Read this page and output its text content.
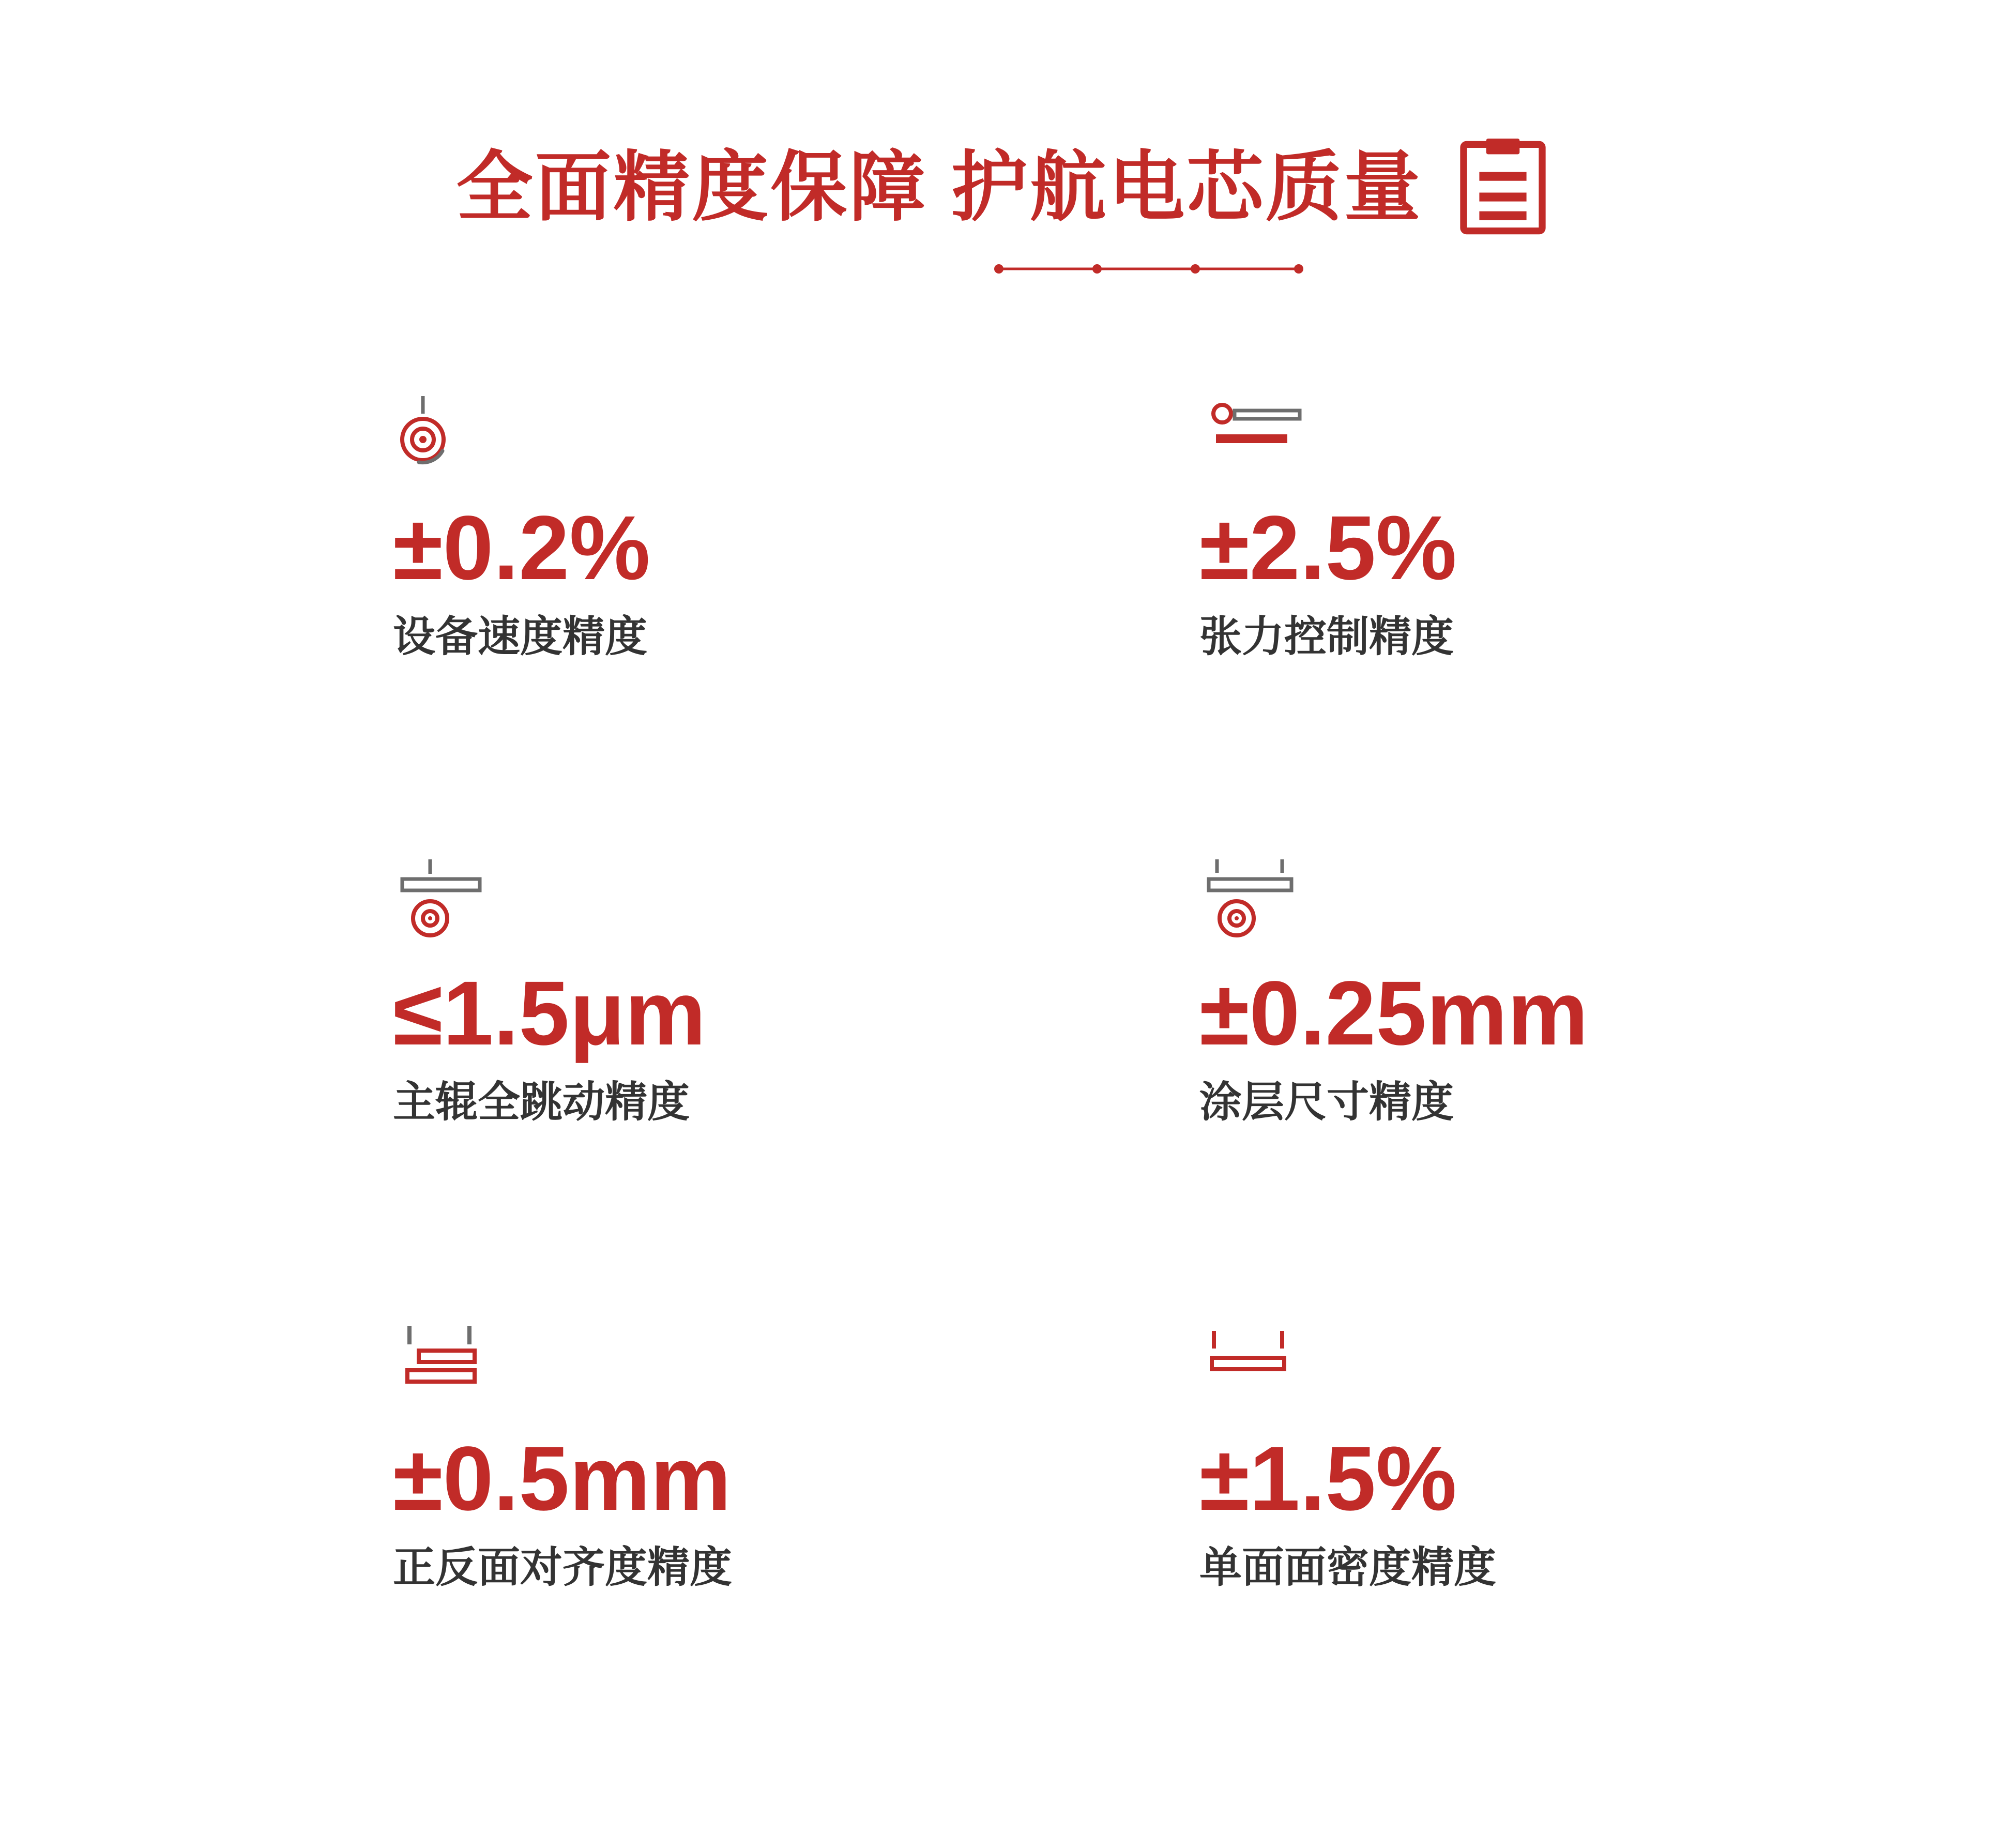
全面精度保障 护航电芯质量
±0.2%
设备速度精度
±2.5%
张力控制精度
≤1.5μm
主辊全跳动精度
±0.25mm
涂层尺寸精度
±0.5mm
正反面对齐度精度
±1.5%
单面面密度精度
